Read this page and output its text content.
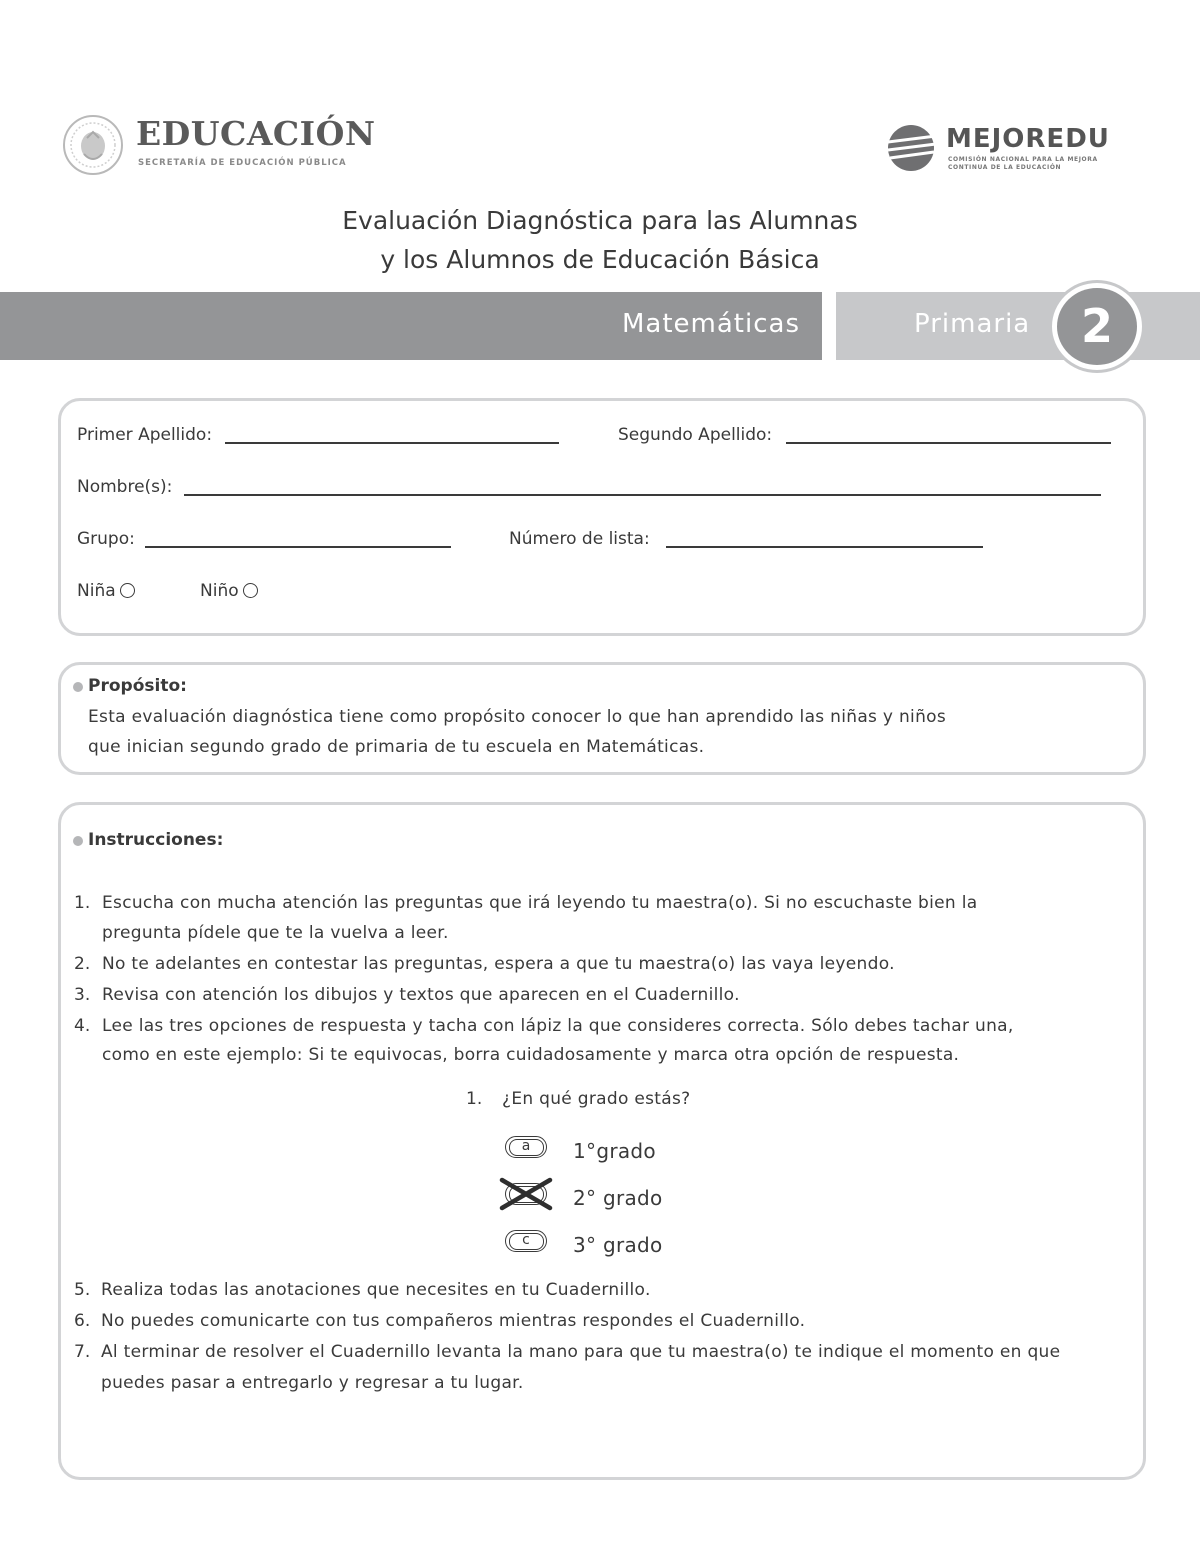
EDUCACIÓN
SECRETARÍA DE EDUCACIÓN PÚBLICA
MEJOREDU
COMISIÓN NACIONAL PARA LA MEJORA
CONTINUA DE LA EDUCACIÓN
Evaluación Diagnóstica para las Alumnas
y los Alumnos de Educación Básica
Matemáticas	Primaria	2
Primer Apellido:	Segundo Apellido:
Nombre(s):
Grupo:	Número de lista:
Niña	Niño
Propósito:
Esta evaluación diagnóstica tiene como propósito conocer lo que han aprendido las niñas y niños
que inician segundo grado de primaria de tu escuela en Matemáticas.
Instrucciones:
1. Escucha con mucha atención las preguntas que irá leyendo tu maestra(o). Si no escuchaste bien la
pregunta pídele que te la vuelva a leer.
2. No te adelantes en contestar las preguntas, espera a que tu maestra(o) las vaya leyendo.
3. Revisa con atención los dibujos y textos que aparecen en el Cuadernillo.
4. Lee las tres opciones de respuesta y tacha con lápiz la que consideres correcta. Sólo debes tachar una,
como en este ejemplo: Si te equivocas, borra cuidadosamente y marca otra opción de respuesta.
1. ¿En qué grado estás?
a	1°grado
2° grado
c	3° grado
5. Realiza todas las anotaciones que necesites en tu Cuadernillo.
6. No puedes comunicarte con tus compañeros mientras respondes el Cuadernillo.
7. Al terminar de resolver el Cuadernillo levanta la mano para que tu maestra(o) te indique el momento en que
puedes pasar a entregarlo y regresar a tu lugar.
